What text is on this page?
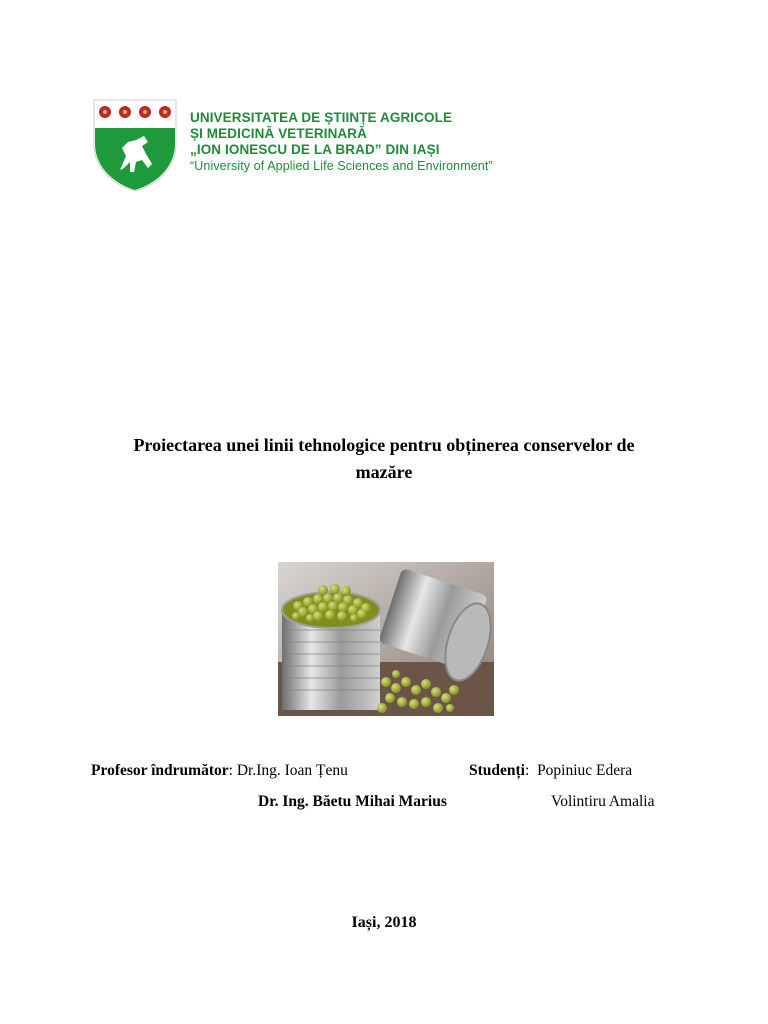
UNIVERSITATEA DE ȘTIINȚE AGRICOLE
ȘI MEDICINĂ VETERINARĂ
„ION IONESCU DE LA BRAD” DIN IAȘI
“University of Applied Life Sciences and Environment”
Proiectarea unei linii tehnologice pentru obținerea conservelor de
mazăre
Profesor îndrumător: Dr.Ing. Ioan Țenu	Studenți:  Popiniuc Edera
Dr. Ing. Băetu Mihai Marius	Volintiru Amalia
Iași, 2018
